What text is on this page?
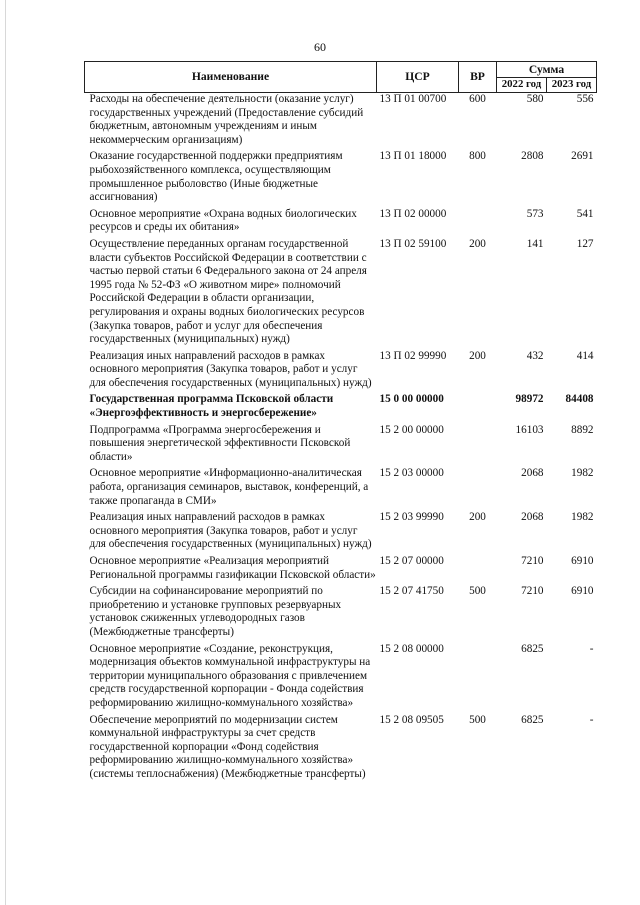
60
Наименование	ЦСР	ВР	Сумма	
			2022 год	2023 год
Расходы на обеспечение деятельности (оказание услуг) государственных учреждений (Предоставление субсидий бюджетным, автономным учреждениям и иным некоммерческим организациям)	13 П 01 00700	600	580	556
Оказание государственной поддержки предприятиям рыбохозяйственного комплекса, осуществляющим промышленное рыболовство (Иные бюджетные ассигнования)	13 П 01 18000	800	2808	2691
Основное мероприятие «Охрана водных биологических ресурсов и среды их обитания»	13 П 02 00000		573	541
Осуществление переданных органам государственной власти субъектов Российской Федерации в соответствии с частью первой статьи 6 Федерального закона от 24 апреля 1995 года № 52-ФЗ «О животном мире» полномочий Российской Федерации в области организации, регулирования и охраны водных биологических ресурсов (Закупка товаров, работ и услуг для обеспечения государственных (муниципальных) нужд)	13 П 02 59100	200	141	127
Реализация иных направлений расходов в рамках основного мероприятия (Закупка товаров, работ и услуг для обеспечения государственных (муниципальных) нужд)	13 П 02 99990	200	432	414
Государственная программа Псковской области «Энергоэффективность и энергосбережение»	15 0 00 00000		98972	84408
Подпрограмма «Программа энергосбережения и повышения энергетической эффективности Псковской области»	15 2 00 00000		16103	8892
Основное мероприятие «Информационно-аналитическая работа, организация семинаров, выставок, конференций, а также пропаганда в СМИ»	15 2 03 00000		2068	1982
Реализация иных направлений расходов в рамках основного мероприятия (Закупка товаров, работ и услуг для обеспечения государственных (муниципальных) нужд)	15 2 03 99990	200	2068	1982
Основное мероприятие «Реализация мероприятий Региональной программы газификации Псковской области»	15 2 07 00000		7210	6910
Субсидии на софинансирование мероприятий по приобретению и установке групповых резервуарных установок сжиженных углеводородных газов (Межбюджетные трансферты)	15 2 07 41750	500	7210	6910
Основное мероприятие «Создание, реконструкция, модернизация объектов коммунальной инфраструктуры на территории муниципального образования с привлечением средств государственной корпорации - Фонда содействия реформированию жилищно-коммунального хозяйства»	15 2 08 00000		6825	-
Обеспечение мероприятий по модернизации систем коммунальной инфраструктуры за счет средств государственной корпорации «Фонд содействия реформированию жилищно-коммунального хозяйства» (системы теплоснабжения) (Межбюджетные трансферты)	15 2 08 09505	500	6825	-
